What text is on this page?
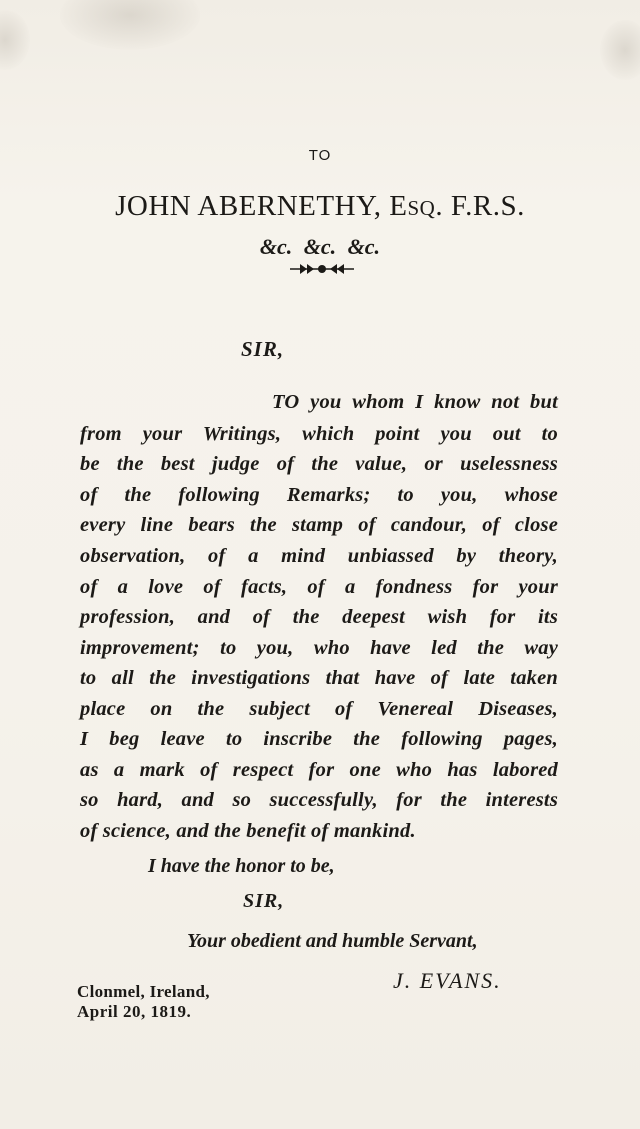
TO

JOHN ABERNETHY, ESQ. F.R.S.

&c. &c. &c.

SIR,

TO you whom I know not but

from your Writings, which point you out to

be the best judge of the value, or uselessness

of the following Remarks; to you, whose

every line bears the stamp of candour, of close

observation, of a mind unbiassed by theory,

of a love of facts, of a fondness for your

profession, and of the deepest wish for its

improvement; to you, who have led the way

to all the investigations that have of late taken

place on the subject of Venereal Diseases,

I beg leave to inscribe the following pages,

as a mark of respect for one who has labored

so hard, and so successfully, for the interests

of science, and the benefit of mankind.

I have the honor to be,

SIR,

Your obedient and humble Servant,

J. EVANS.

Clonmel, Ireland,

April 20, 1819.
